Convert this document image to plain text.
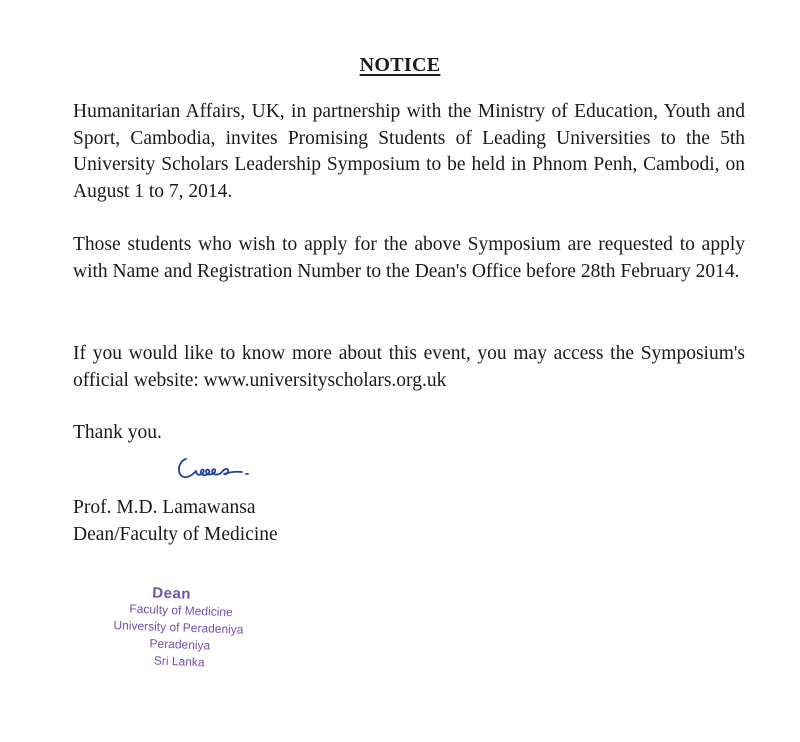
NOTICE

Humanitarian Affairs, UK, in partnership with the Ministry of Education, Youth and Sport, Cambodia, invites Promising Students of Leading Universities to the 5th University Scholars Leadership Symposium to be held in Phnom Penh, Cambodi, on August 1 to 7, 2014.

Those students who wish to apply for the above Symposium are requested to apply with Name and Registration Number to the Dean's Office before 28th February 2014.

If you would like to know more about this event, you may access the Symposium's official website: www.universityscholars.org.uk

Thank you.
Prof. M.D. Lamawansa
Dean/Faculty of Medicine
Dean
Faculty of Medicine
University of Peradeniya
Peradeniya
Sri Lanka
